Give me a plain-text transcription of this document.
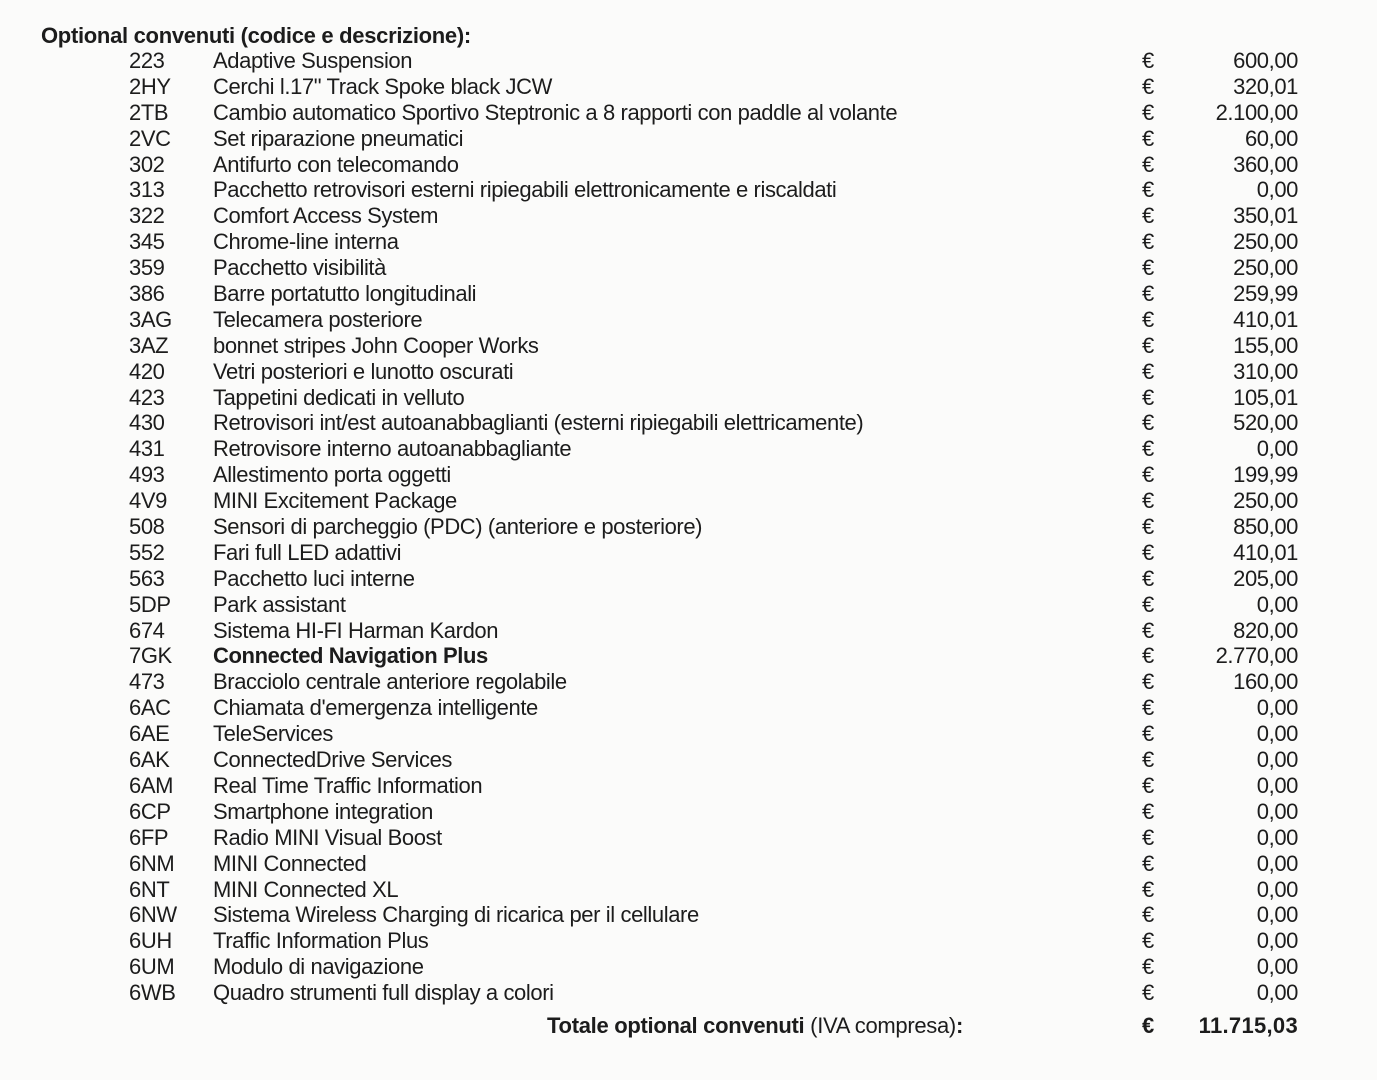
Optional convenuti (codice e descrizione):
223 Adaptive Suspension	€	600,00
2HY Cerchi l.17" Track Spoke black JCW	€	320,01
2TB Cambio automatico Sportivo Steptronic a 8 rapporti con paddle al volante	€	2.100,00
2VC Set riparazione pneumatici	€	60,00
302 Antifurto con telecomando	€	360,00
313 Pacchetto retrovisori esterni ripiegabili elettronicamente e riscaldati	€	0,00
322 Comfort Access System	€	350,01
345 Chrome-line interna	€	250,00
359 Pacchetto visibilità	€	250,00
386 Barre portatutto longitudinali	€	259,99
3AG Telecamera posteriore	€	410,01
3AZ bonnet stripes John Cooper Works	€	155,00
420 Vetri posteriori e lunotto oscurati	€	310,00
423 Tappetini dedicati in velluto	€	105,01
430 Retrovisori int/est autoanabbaglianti (esterni ripiegabili elettricamente)	€	520,00
431 Retrovisore interno autoanabbagliante	€	0,00
493 Allestimento porta oggetti	€	199,99
4V9 MINI Excitement Package	€	250,00
508 Sensori di parcheggio (PDC) (anteriore e posteriore)	€	850,00
552 Fari full LED adattivi	€	410,01
563 Pacchetto luci interne	€	205,00
5DP Park assistant	€	0,00
674 Sistema HI-FI Harman Kardon	€	820,00
7GK Connected Navigation Plus	€	2.770,00
473 Bracciolo centrale anteriore regolabile	€	160,00
6AC Chiamata d'emergenza intelligente	€	0,00
6AE TeleServices	€	0,00
6AK ConnectedDrive Services	€	0,00
6AM Real Time Traffic Information	€	0,00
6CP Smartphone integration	€	0,00
6FP Radio MINI Visual Boost	€	0,00
6NM MINI Connected	€	0,00
6NT MINI Connected XL	€	0,00
6NW Sistema Wireless Charging di ricarica per il cellulare	€	0,00
6UH Traffic Information Plus	€	0,00
6UM Modulo di navigazione	€	0,00
6WB Quadro strumenti full display a colori	€	0,00
Totale optional convenuti (IVA compresa):	€ 11.715,03
